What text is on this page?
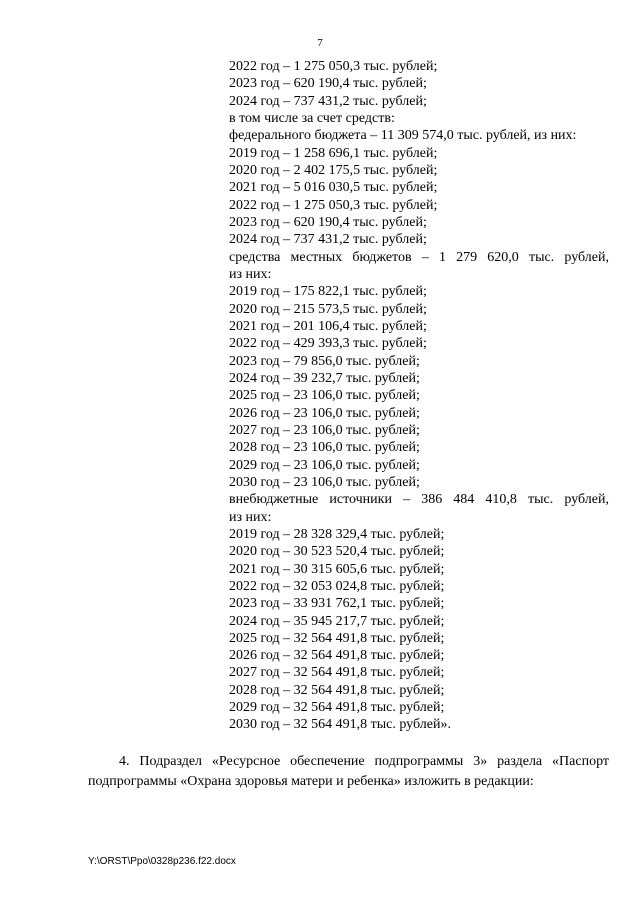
7
2022 год – 1 275 050,3 тыс. рублей;
2023 год – 620 190,4 тыс. рублей;
2024 год – 737 431,2 тыс. рублей;
в том числе за счет средств:
федерального бюджета – 11 309 574,0 тыс. рублей, из них:
2019 год – 1 258 696,1 тыс. рублей;
2020 год – 2 402 175,5 тыс. рублей;
2021 год – 5 016 030,5 тыс. рублей;
2022 год – 1 275 050,3 тыс. рублей;
2023 год – 620 190,4 тыс. рублей;
2024 год – 737 431,2 тыс. рублей;
средства местных бюджетов – 1 279 620,0 тыс. рублей,
из них:
2019 год – 175 822,1 тыс. рублей;
2020 год – 215 573,5 тыс. рублей;
2021 год – 201 106,4 тыс. рублей;
2022 год – 429 393,3 тыс. рублей;
2023 год – 79 856,0 тыс. рублей;
2024 год – 39 232,7 тыс. рублей;
2025 год – 23 106,0 тыс. рублей;
2026 год – 23 106,0 тыс. рублей;
2027 год – 23 106,0 тыс. рублей;
2028 год – 23 106,0 тыс. рублей;
2029 год – 23 106,0 тыс. рублей;
2030 год – 23 106,0 тыс. рублей;
внебюджетные источники – 386 484 410,8 тыс. рублей,
из них:
2019 год – 28 328 329,4 тыс. рублей;
2020 год – 30 523 520,4 тыс. рублей;
2021 год – 30 315 605,6 тыс. рублей;
2022 год – 32 053 024,8 тыс. рублей;
2023 год – 33 931 762,1 тыс. рублей;
2024 год – 35 945 217,7 тыс. рублей;
2025 год – 32 564 491,8 тыс. рублей;
2026 год – 32 564 491,8 тыс. рублей;
2027 год – 32 564 491,8 тыс. рублей;
2028 год – 32 564 491,8 тыс. рублей;
2029 год – 32 564 491,8 тыс. рублей;
2030 год – 32 564 491,8 тыс. рублей».
4. Подраздел «Ресурсное обеспечение подпрограммы 3» раздела «Паспорт
подпрограммы «Охрана здоровья матери и ребенка» изложить в редакции:
Y:\ORST\Ppo\0328p236.f22.docx
